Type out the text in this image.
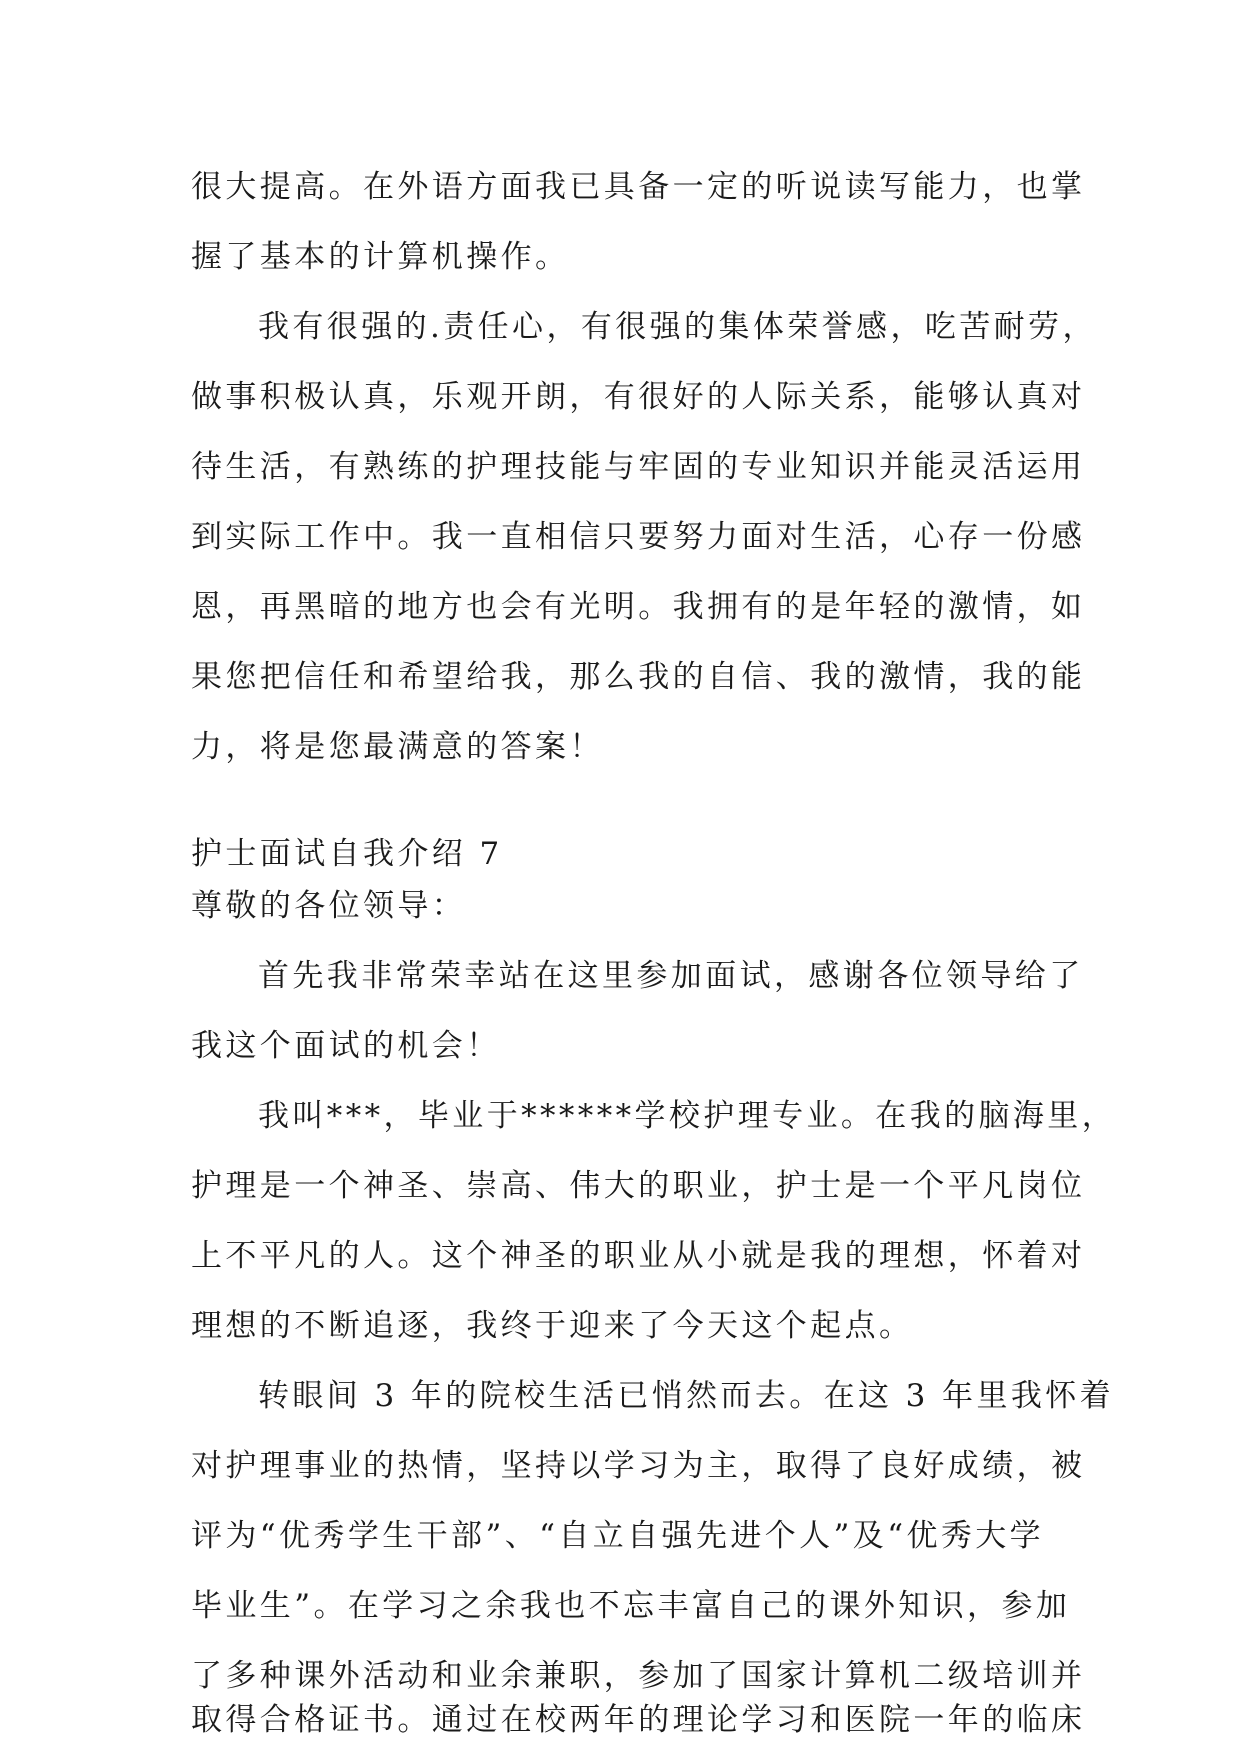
很大提高。在外语方面我已具备一定的听说读写能力，也掌
握了基本的计算机操作。
我有很强的.责任心，有很强的集体荣誉感，吃苦耐劳，
做事积极认真，乐观开朗，有很好的人际关系，能够认真对
待生活，有熟练的护理技能与牢固的专业知识并能灵活运用
到实际工作中。我一直相信只要努力面对生活，心存一份感
恩，再黑暗的地方也会有光明。我拥有的是年轻的激情，如
果您把信任和希望给我，那么我的自信、我的激情，我的能
力，将是您最满意的答案！
护士面试自我介绍 7
尊敬的各位领导：
首先我非常荣幸站在这里参加面试，感谢各位领导给了
我这个面试的机会！
我叫***，毕业于******学校护理专业。在我的脑海里，
护理是一个神圣、崇高、伟大的职业，护士是一个平凡岗位
上不平凡的人。这个神圣的职业从小就是我的理想，怀着对
理想的不断追逐，我终于迎来了今天这个起点。
转眼间 3 年的院校生活已悄然而去。在这 3 年里我怀着
对护理事业的热情，坚持以学习为主，取得了良好成绩，被
评为“优秀学生干部”、“自立自强先进个人”及“优秀大学
毕业生”。在学习之余我也不忘丰富自己的课外知识，参加
了多种课外活动和业余兼职，参加了国家计算机二级培训并
取得合格证书。通过在校两年的理论学习和医院一年的临床
